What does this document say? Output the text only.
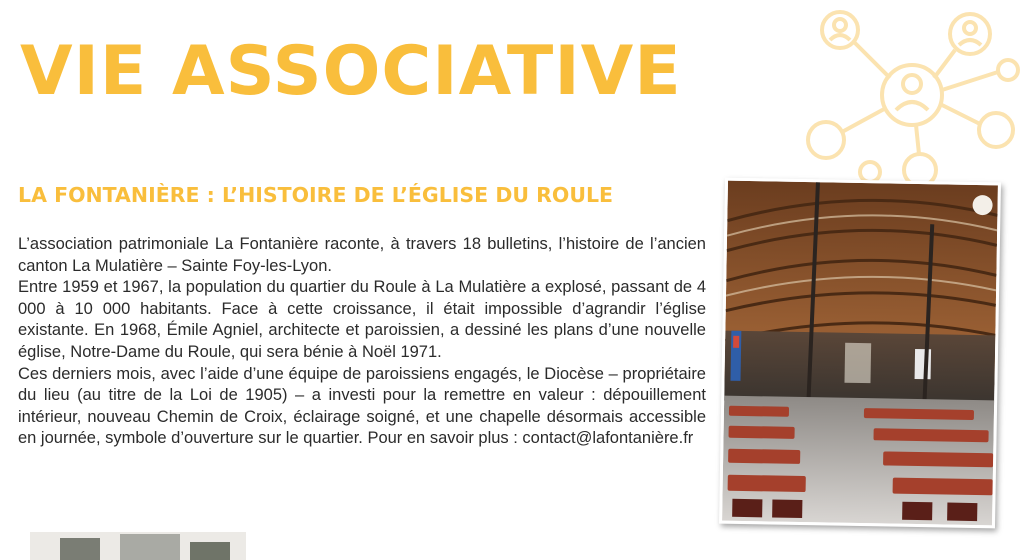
VIE ASSOCIATIVE
LA FONTANIÈRE : L’HISTOIRE DE L’ÉGLISE DU ROULE

L’association patrimoniale La Fontanière raconte, à travers 18 bulletins, l’histoire de l’ancien canton La Mulatière – Sainte Foy-les-Lyon.

Entre 1959 et 1967, la population du quartier du Roule à La Mulatière a explosé, passant de 4 000 à 10 000 habitants. Face à cette croissance, il était impossible d’agrandir l’église existante. En 1968, Émile Agniel, architecte et paroissien, a dessiné les plans d’une nouvelle église, Notre-Dame du Roule, qui sera bénie à Noël 1971.

Ces derniers mois, avec l’aide d’une équipe de paroissiens engagés, le Diocèse – propriétaire du lieu (au titre de la Loi de 1905) – a investi pour la remettre en valeur : dépouillement intérieur, nouveau Chemin de Croix, éclairage soigné, et une chapelle désormais accessible en journée, symbole d’ouverture sur le quartier. Pour en savoir plus : contact@lafontanière.fr
